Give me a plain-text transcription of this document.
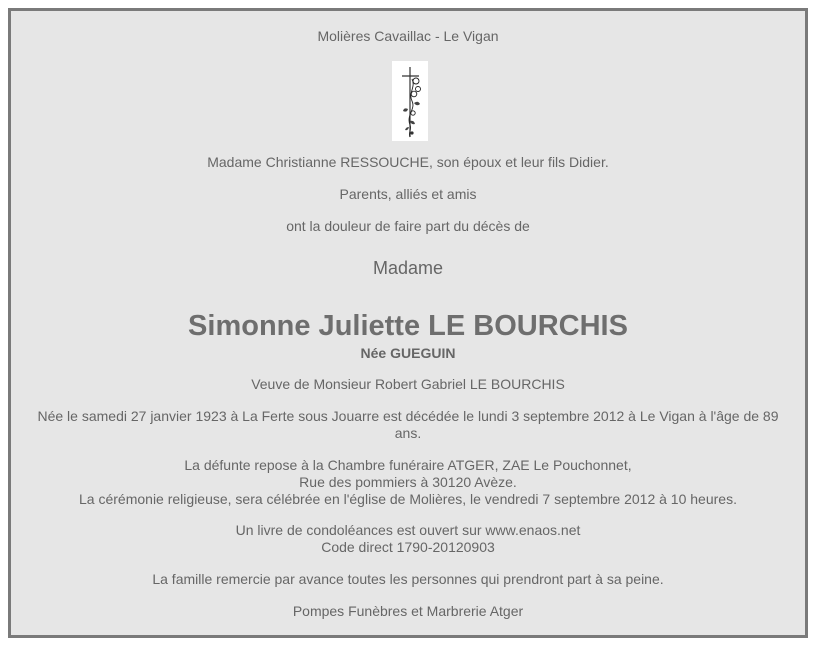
Molières Cavaillac - Le Vigan
Madame Christianne RESSOUCHE, son époux et leur fils Didier.
Parents, alliés et amis
ont la douleur de faire part du décès de
Madame
Simonne Juliette LE BOURCHIS
Née GUEGUIN
Veuve de Monsieur Robert Gabriel LE BOURCHIS
Née le samedi 27 janvier 1923 à La Ferte sous Jouarre est décédée le lundi 3 septembre 2012 à Le Vigan à l'âge de 89 ans.
La défunte repose à la Chambre funéraire ATGER, ZAE Le Pouchonnet,
Rue des pommiers à 30120 Avèze.
La cérémonie religieuse, sera célébrée en l'église de Molières, le vendredi 7 septembre 2012 à 10 heures.
Un livre de condoléances est ouvert sur www.enaos.net
Code direct 1790-20120903
La famille remercie par avance toutes les personnes qui prendront part à sa peine.
Pompes Funèbres et Marbrerie Atger
